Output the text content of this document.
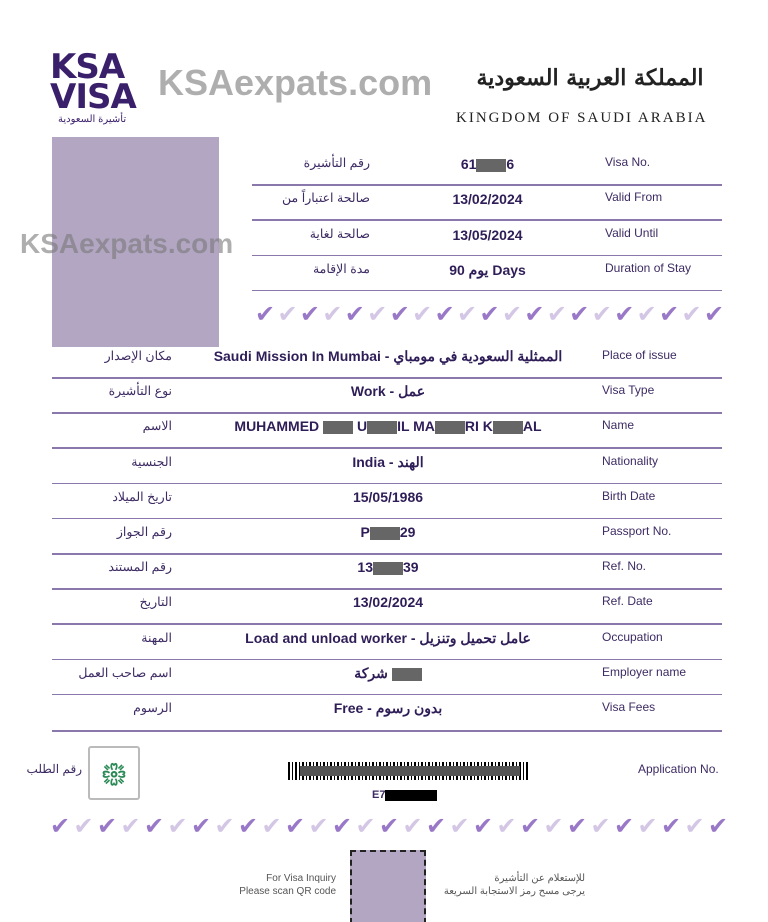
KSA
VISA
تأشيرة السعودية
المملكة العربية السعودية
KINGDOM OF SAUDI ARABIA
KSAexpats.com
رقم التأشيرة	61 6	Visa No.
صالحة اعتباراً من	13/02/2024	Valid From
صالحة لغاية	13/05/2024	Valid Until
مدة الإقامة	90 يوم Days	Duration of Stay
مكان الإصدار	Saudi Mission In Mumbai - الممثلية السعودية في مومباي	Place of issue
نوع التأشيرة	Work - عمل	Visa Type
الاسم	MUHAMMED  U IL MA RI K AL	Name
الجنسية	India - الهند	Nationality
تاريخ الميلاد	15/05/1986	Birth Date
رقم الجواز	P 29	Passport No.
رقم المستند	13 39	Ref. No.
التاريخ	13/02/2024	Ref. Date
المهنة	Load and unload worker - عامل تحميل وتنزيل	Occupation
اسم صاحب العمل	شركة	Employer name
الرسوم	Free - بدون رسوم	Visa Fees
KSAexpats.com
✔ ✔ ✔ ✔ ✔ ✔ ✔ ✔ ✔ ✔ ✔ ✔ ✔ ✔ ✔ ✔ ✔ ✔ ✔ ✔ ✔
✔ ✔ ✔ ✔ ✔ ✔ ✔ ✔ ✔ ✔ ✔ ✔ ✔ ✔ ✔ ✔ ✔ ✔ ✔ ✔ ✔ ✔ ✔ ✔ ✔ ✔ ✔ ✔ ✔
رقم الطلب ᪥
E7
Application No.
For Visa Inquiry
Please scan QR code
للإستعلام عن التأشيرة
يرجى مسح رمز الاستجابة السريعة
